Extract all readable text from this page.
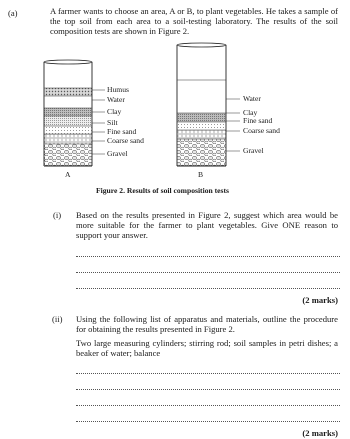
(a)	A farmer wants to choose an area, A or B, to plant vegetables. He takes a sample of the top soil from each area to a soil-testing laboratory. The results of the soil composition tests are shown in Figure 2.
Humus
Water
Clay
Silt
Fine sand
Coarse sand
Gravel
A
Water
Clay
Fine sand
Coarse sand
Gravel
B
Figure 2. Results of soil composition tests
(i) Based on the results presented in Figure 2, suggest which area would be more suitable for the farmer to plant vegetables. Give ONE reason to support your answer.
(2 marks)
(ii) Using the following list of apparatus and materials, outline the procedure for obtaining the results presented in Figure 2.
Two large measuring cylinders; stirring rod; soil samples in petri dishes; a beaker of water; balance
(2 marks)
